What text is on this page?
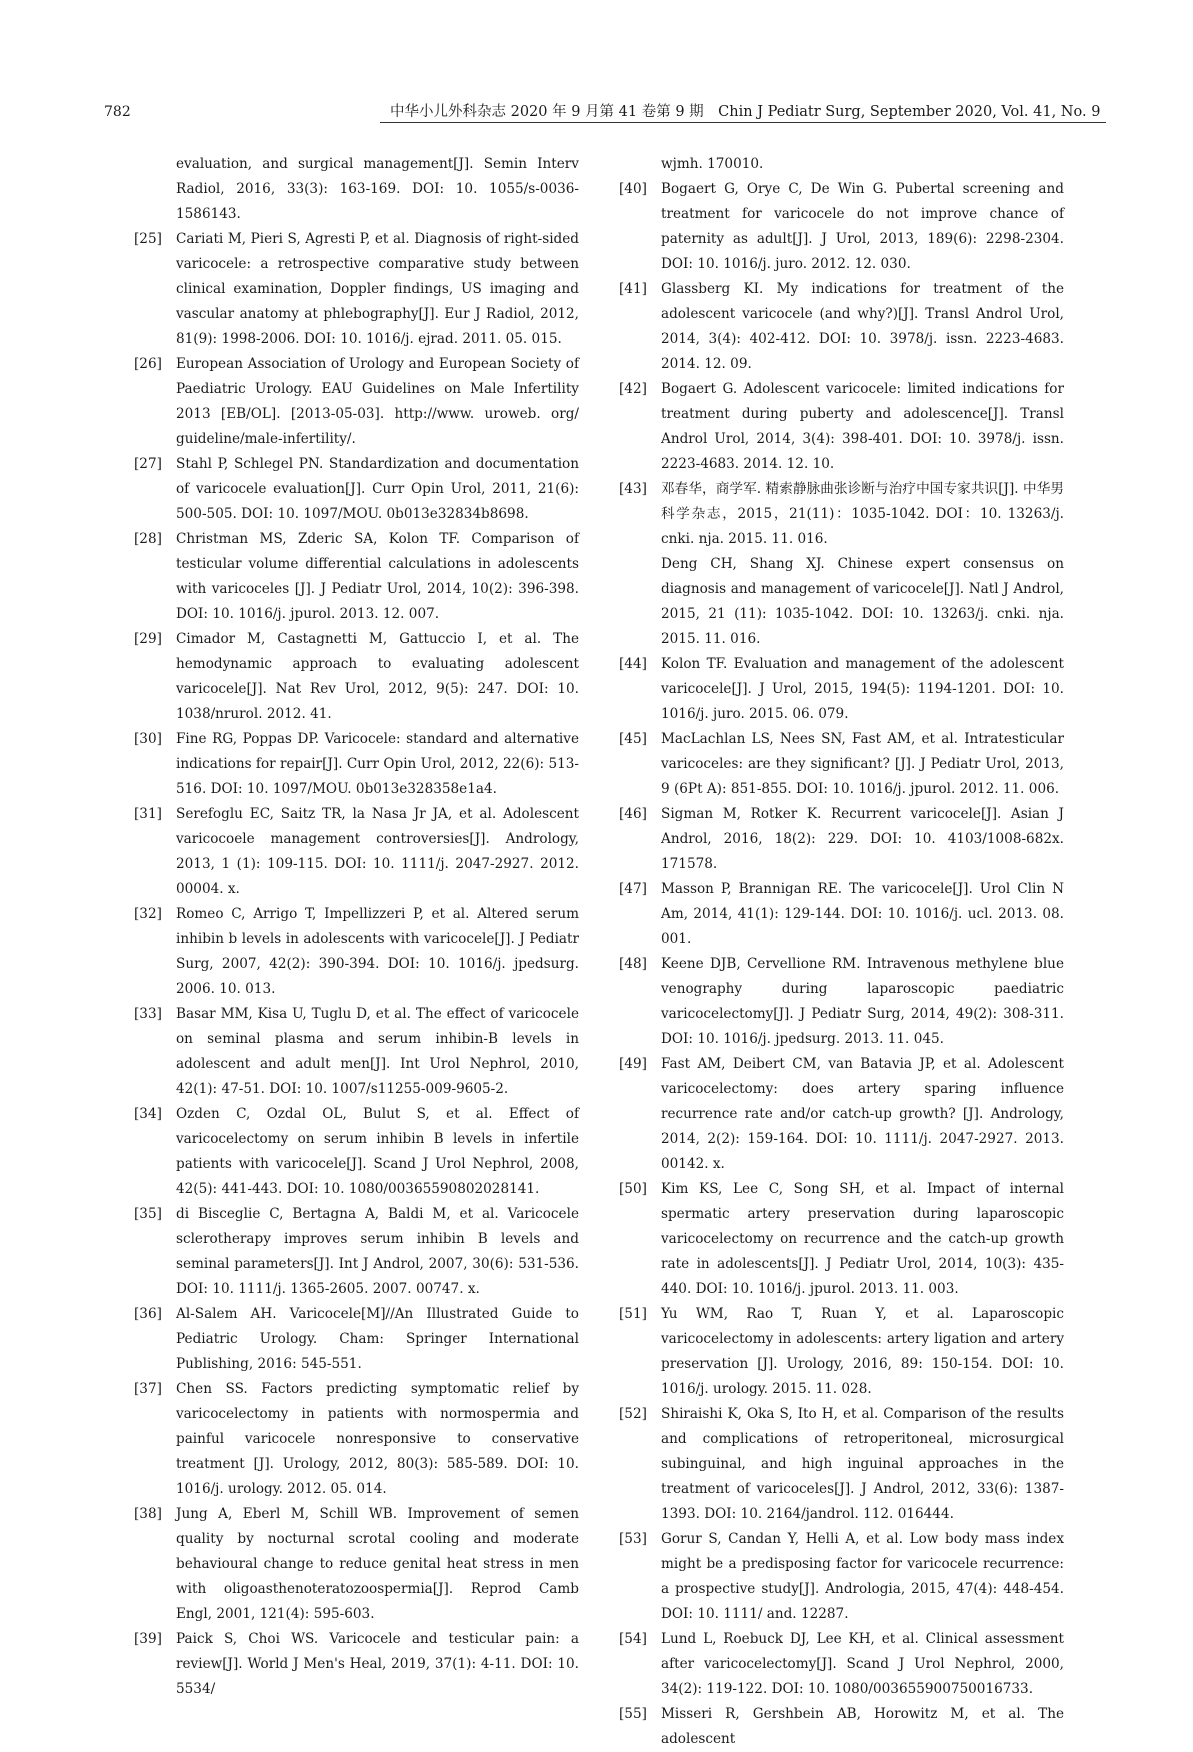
782	中华小儿外科杂志 2020 年 9 月第 41 卷第 9 期　Chin J Pediatr Surg, September 2020, Vol. 41, No. 9
evaluation, and surgical management[J]. Semin Interv Radiol, 2016, 33(3): 163-169. DOI: 10. 1055/s-0036-1586143.
[25] Cariati M, Pieri S, Agresti P, et al. Diagnosis of right-sided varicocele: a retrospective comparative study between clinical examination, Doppler findings, US imaging and vascular anatomy at phlebography[J]. Eur J Radiol, 2012, 81(9): 1998-2006. DOI: 10. 1016/j. ejrad. 2011. 05. 015.
[26] European Association of Urology and European Society of Paediatric Urology. EAU Guidelines on Male Infertility 2013 [EB/OL]. [2013-05-03]. http://www. uroweb. org/ guideline/male-infertility/.
[27] Stahl P, Schlegel PN. Standardization and documentation of varicocele evaluation[J]. Curr Opin Urol, 2011, 21(6): 500-505. DOI: 10. 1097/MOU. 0b013e32834b8698.
[28] Christman MS, Zderic SA, Kolon TF. Comparison of testicular volume differential calculations in adolescents with varicoceles [J]. J Pediatr Urol, 2014, 10(2): 396-398. DOI: 10. 1016/j. jpurol. 2013. 12. 007.
[29] Cimador M, Castagnetti M, Gattuccio I, et al. The hemodynamic approach to evaluating adolescent varicocele[J]. Nat Rev Urol, 2012, 9(5): 247. DOI: 10. 1038/nrurol. 2012. 41.
[30] Fine RG, Poppas DP. Varicocele: standard and alternative indications for repair[J]. Curr Opin Urol, 2012, 22(6): 513-516. DOI: 10. 1097/MOU. 0b013e328358e1a4.
[31] Serefoglu EC, Saitz TR, la Nasa Jr JA, et al. Adolescent varicocoele management controversies[J]. Andrology, 2013, 1 (1): 109-115. DOI: 10. 1111/j. 2047-2927. 2012. 00004. x.
[32] Romeo C, Arrigo T, Impellizzeri P, et al. Altered serum inhibin b levels in adolescents with varicocele[J]. J Pediatr Surg, 2007, 42(2): 390-394. DOI: 10. 1016/j. jpedsurg. 2006. 10. 013.
[33] Basar MM, Kisa U, Tuglu D, et al. The effect of varicocele on seminal plasma and serum inhibin-B levels in adolescent and adult men[J]. Int Urol Nephrol, 2010, 42(1): 47-51. DOI: 10. 1007/s11255-009-9605-2.
[34] Ozden C, Ozdal OL, Bulut S, et al. Effect of varicocelectomy on serum inhibin B levels in infertile patients with varicocele[J]. Scand J Urol Nephrol, 2008, 42(5): 441-443. DOI: 10. 1080/00365590802028141.
[35] di Bisceglie C, Bertagna A, Baldi M, et al. Varicocele sclerotherapy improves serum inhibin B levels and seminal parameters[J]. Int J Androl, 2007, 30(6): 531-536. DOI: 10. 1111/j. 1365-2605. 2007. 00747. x.
[36] Al-Salem AH. Varicocele[M]//An Illustrated Guide to Pediatric Urology. Cham: Springer International Publishing, 2016: 545-551.
[37] Chen SS. Factors predicting symptomatic relief by varicocelectomy in patients with normospermia and painful varicocele nonresponsive to conservative treatment [J]. Urology, 2012, 80(3): 585-589. DOI: 10. 1016/j. urology. 2012. 05. 014.
[38] Jung A, Eberl M, Schill WB. Improvement of semen quality by nocturnal scrotal cooling and moderate behavioural change to reduce genital heat stress in men with oligoasthenoteratozoospermia[J]. Reprod Camb Engl, 2001, 121(4): 595-603.
[39] Paick S, Choi WS. Varicocele and testicular pain: a review[J]. World J Men's Heal, 2019, 37(1): 4-11. DOI: 10. 5534/
wjmh. 170010.
[40] Bogaert G, Orye C, De Win G. Pubertal screening and treatment for varicocele do not improve chance of paternity as adult[J]. J Urol, 2013, 189(6): 2298-2304. DOI: 10. 1016/j. juro. 2012. 12. 030.
[41] Glassberg KI. My indications for treatment of the adolescent varicocele (and why?)[J]. Transl Androl Urol, 2014, 3(4): 402-412. DOI: 10. 3978/j. issn. 2223-4683. 2014. 12. 09.
[42] Bogaert G. Adolescent varicocele: limited indications for treatment during puberty and adolescence[J]. Transl Androl Urol, 2014, 3(4): 398-401. DOI: 10. 3978/j. issn. 2223-4683. 2014. 12. 10.
[43] 邓春华，商学军. 精索静脉曲张诊断与治疗中国专家共识[J]. 中华男科学杂志，2015，21(11)：1035-1042. DOI：10. 13263/j. cnki. nja. 2015. 11. 016.
Deng CH, Shang XJ. Chinese expert consensus on diagnosis and management of varicocele[J]. Natl J Androl, 2015, 21 (11): 1035-1042. DOI: 10. 13263/j. cnki. nja. 2015. 11. 016.
[44] Kolon TF. Evaluation and management of the adolescent varicocele[J]. J Urol, 2015, 194(5): 1194-1201. DOI: 10. 1016/j. juro. 2015. 06. 079.
[45] MacLachlan LS, Nees SN, Fast AM, et al. Intratesticular varicoceles: are they significant? [J]. J Pediatr Urol, 2013, 9 (6Pt A): 851-855. DOI: 10. 1016/j. jpurol. 2012. 11. 006.
[46] Sigman M, Rotker K. Recurrent varicocele[J]. Asian J Androl, 2016, 18(2): 229. DOI: 10. 4103/1008-682x. 171578.
[47] Masson P, Brannigan RE. The varicocele[J]. Urol Clin N Am, 2014, 41(1): 129-144. DOI: 10. 1016/j. ucl. 2013. 08. 001.
[48] Keene DJB, Cervellione RM. Intravenous methylene blue venography during laparoscopic paediatric varicocelectomy[J]. J Pediatr Surg, 2014, 49(2): 308-311. DOI: 10. 1016/j. jpedsurg. 2013. 11. 045.
[49] Fast AM, Deibert CM, van Batavia JP, et al. Adolescent varicocelectomy: does artery sparing influence recurrence rate and/or catch-up growth? [J]. Andrology, 2014, 2(2): 159-164. DOI: 10. 1111/j. 2047-2927. 2013. 00142. x.
[50] Kim KS, Lee C, Song SH, et al. Impact of internal spermatic artery preservation during laparoscopic varicocelectomy on recurrence and the catch-up growth rate in adolescents[J]. J Pediatr Urol, 2014, 10(3): 435-440. DOI: 10. 1016/j. jpurol. 2013. 11. 003.
[51] Yu WM, Rao T, Ruan Y, et al. Laparoscopic varicocelectomy in adolescents: artery ligation and artery preservation [J]. Urology, 2016, 89: 150-154. DOI: 10. 1016/j. urology. 2015. 11. 028.
[52] Shiraishi K, Oka S, Ito H, et al. Comparison of the results and complications of retroperitoneal, microsurgical subinguinal, and high inguinal approaches in the treatment of varicoceles[J]. J Androl, 2012, 33(6): 1387-1393. DOI: 10. 2164/jandrol. 112. 016444.
[53] Gorur S, Candan Y, Helli A, et al. Low body mass index might be a predisposing factor for varicocele recurrence: a prospective study[J]. Andrologia, 2015, 47(4): 448-454. DOI: 10. 1111/ and. 12287.
[54] Lund L, Roebuck DJ, Lee KH, et al. Clinical assessment after varicocelectomy[J]. Scand J Urol Nephrol, 2000, 34(2): 119-122. DOI: 10. 1080/003655900750016733.
[55] Misseri R, Gershbein AB, Horowitz M, et al. The adolescent
